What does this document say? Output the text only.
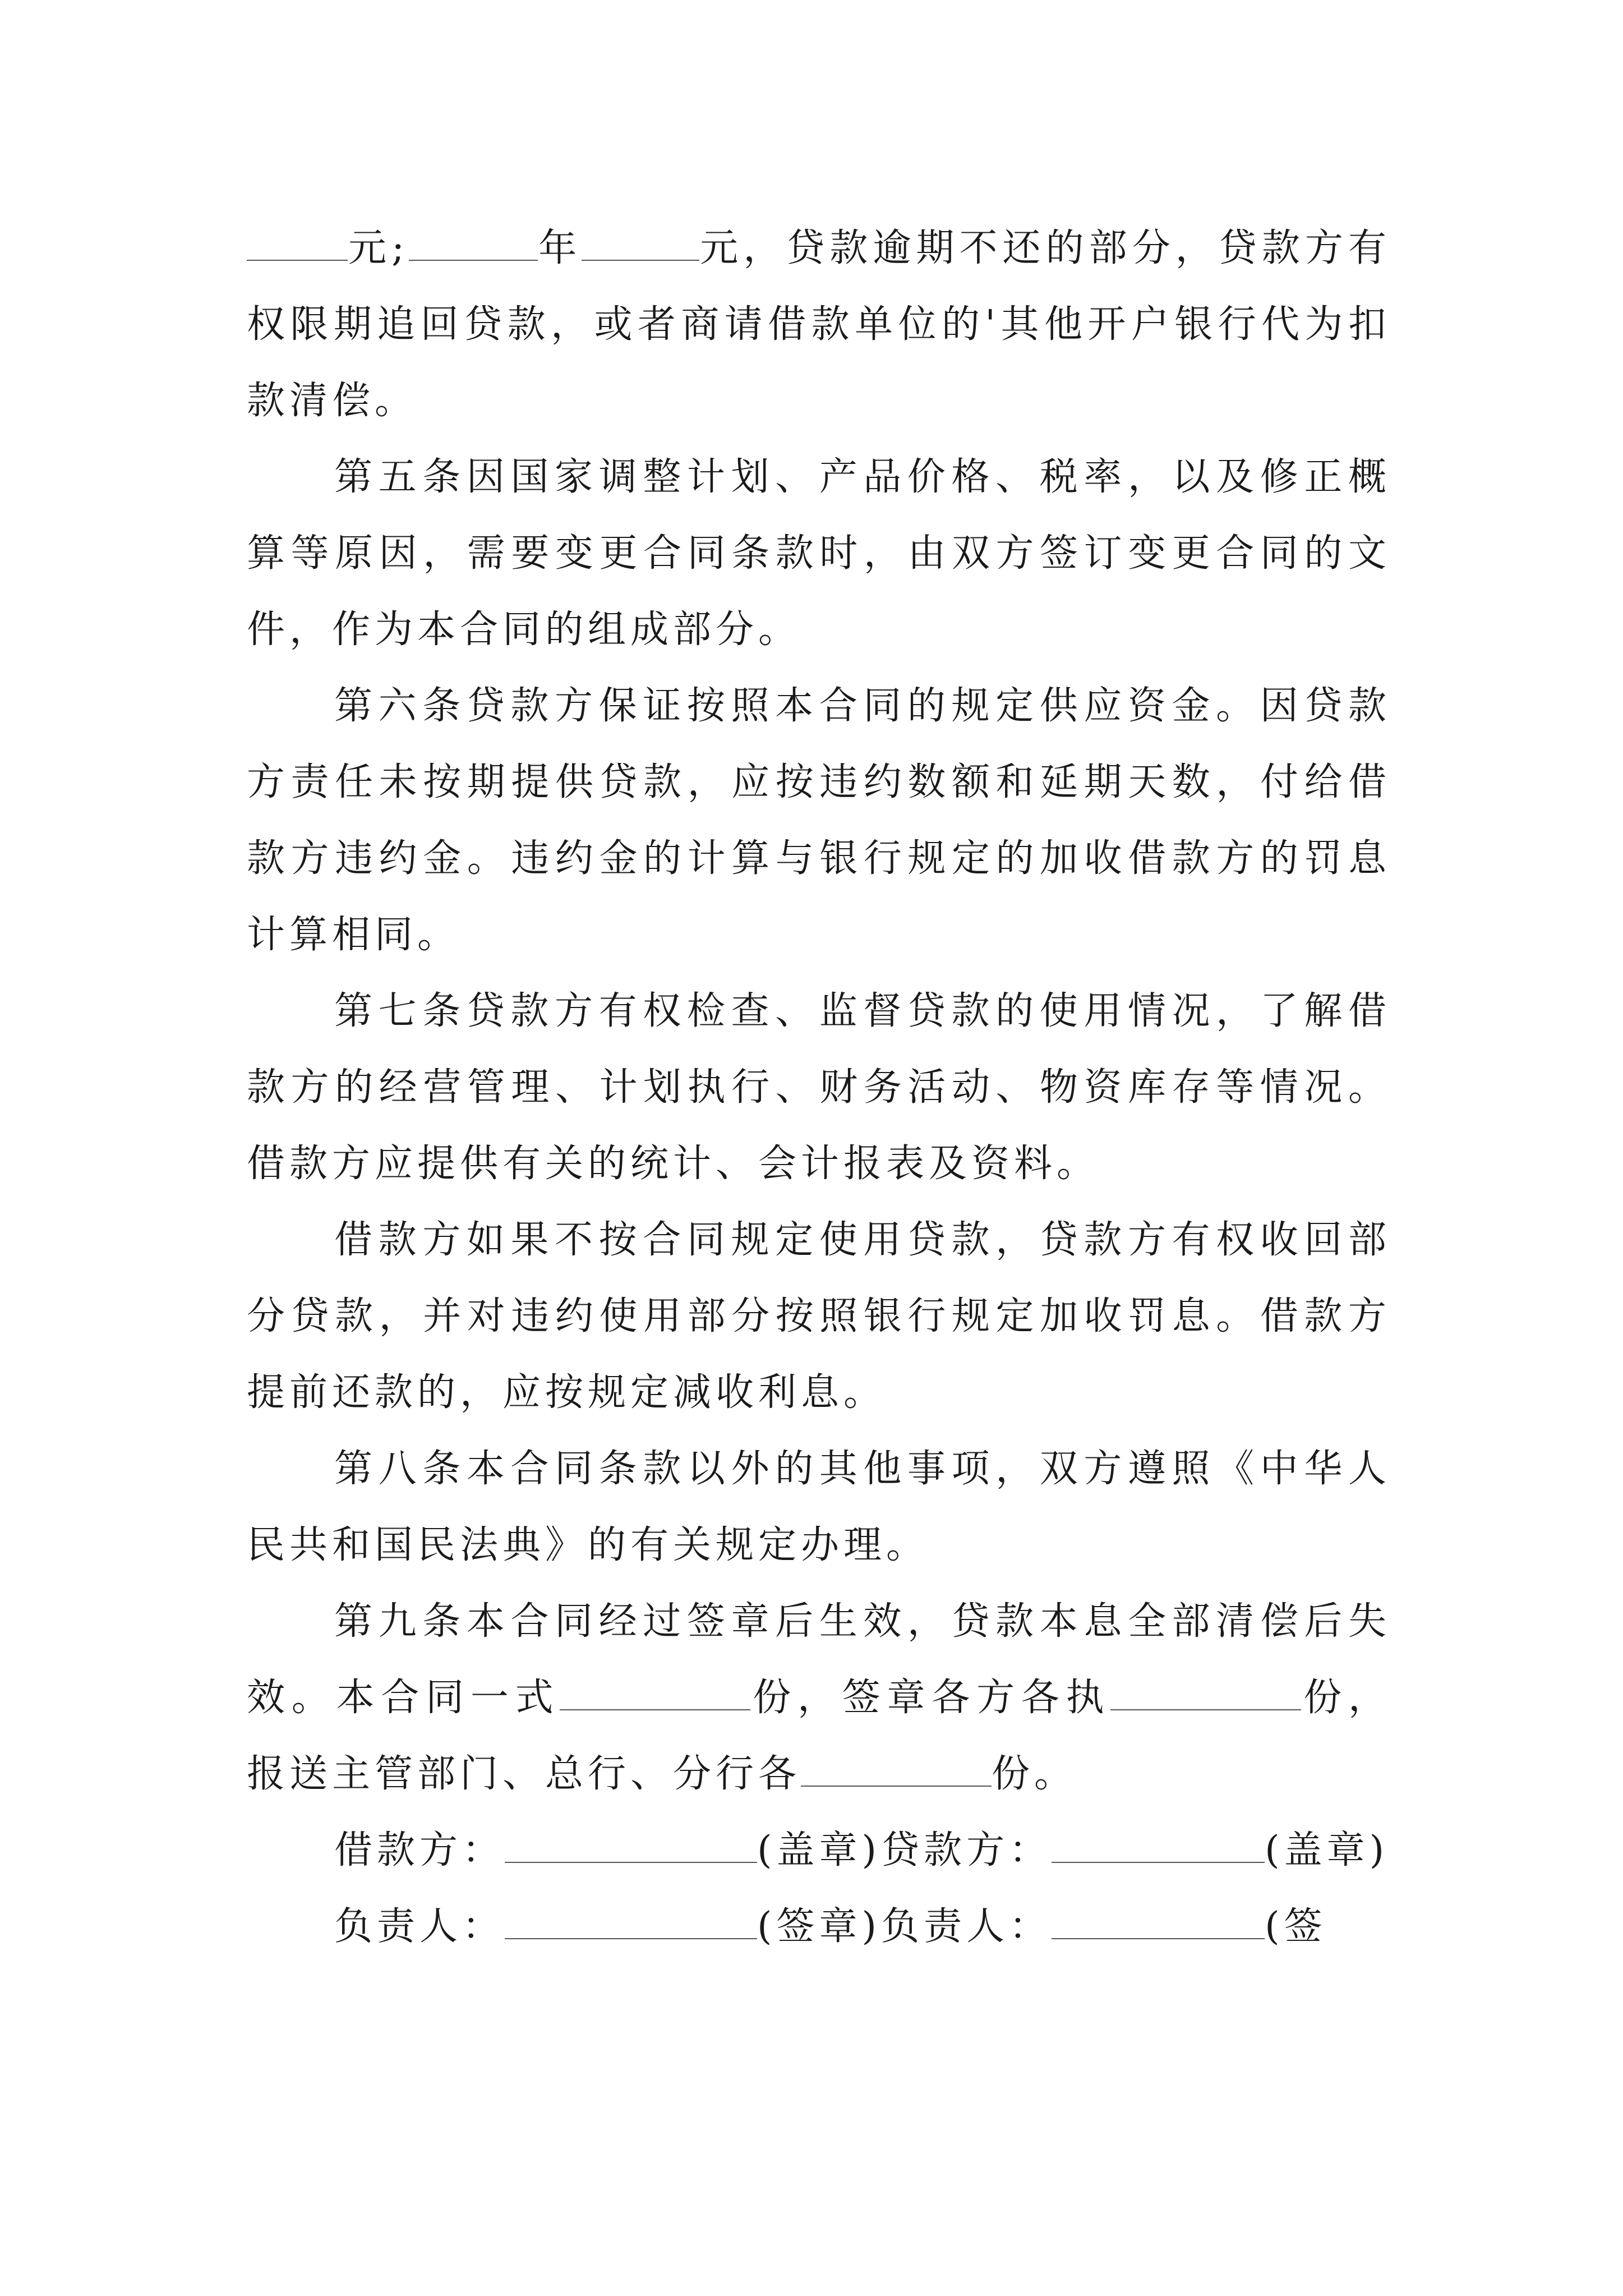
元;	年	元，贷款逾期不还的部分，贷款方有权限期追回贷款，或者商请借款单位的'其他开户银行代为扣款清偿。

第五条因国家调整计划、产品价格、税率，以及修正概算等原因，需要变更合同条款时，由双方签订变更合同的文件，作为本合同的组成部分。

第六条贷款方保证按照本合同的规定供应资金。因贷款方责任未按期提供贷款，应按违约数额和延期天数，付给借款方违约金。违约金的计算与银行规定的加收借款方的罚息计算相同。

第七条贷款方有权检查、监督贷款的使用情况，了解借款方的经营管理、计划执行、财务活动、物资库存等情况。借款方应提供有关的统计、会计报表及资料。

借款方如果不按合同规定使用贷款，贷款方有权收回部分贷款，并对违约使用部分按照银行规定加收罚息。借款方提前还款的，应按规定减收利息。

第八条本合同条款以外的其他事项，双方遵照《中华人民共和国民法典》的有关规定办理。

第九条本合同经过签章后生效，贷款本息全部清偿后失效。本合同一式	份，签章各方各执	份，报送主管部门、总行、分行各	份。

借款方：	(盖章)贷款方：	(盖章)

负责人：	(签章)负责人：	(签
